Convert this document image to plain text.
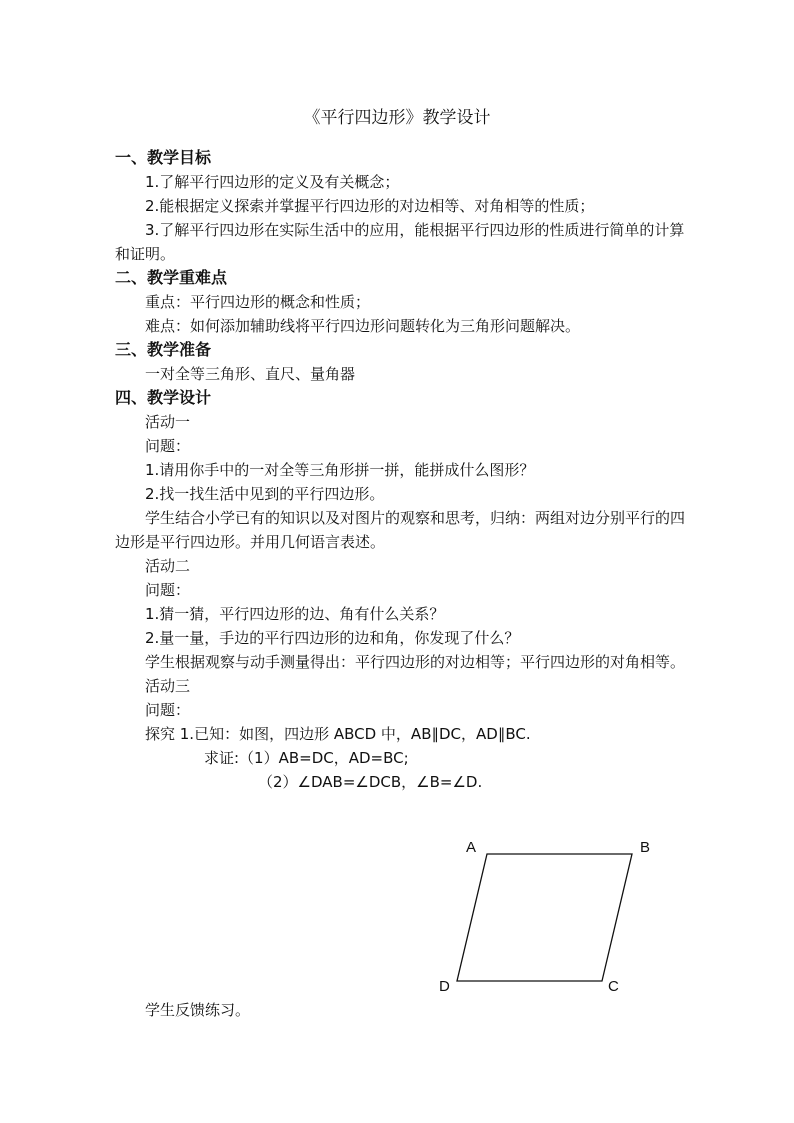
《平行四边形》教学设计

一、教学目标

1.了解平行四边形的定义及有关概念；

2.能根据定义探索并掌握平行四边形的对边相等、对角相等的性质；

3.了解平行四边形在实际生活中的应用，能根据平行四边形的性质进行简单的计算和证明。

二、教学重难点

重点：平行四边形的概念和性质；

难点：如何添加辅助线将平行四边形问题转化为三角形问题解决。

三、教学准备

一对全等三角形、直尺、量角器

四、教学设计

活动一

问题：

1.请用你手中的一对全等三角形拼一拼，能拼成什么图形？

2.找一找生活中见到的平行四边形。

学生结合小学已有的知识以及对图片的观察和思考，归纳：两组对边分别平行的四边形是平行四边形。并用几何语言表述。

活动二

问题：

1.猜一猜，平行四边形的边、角有什么关系？

2.量一量，手边的平行四边形的边和角，你发现了什么？

学生根据观察与动手测量得出：平行四边形的对边相等；平行四边形的对角相等。

活动三

问题：

探究 1.已知：如图，四边形 ABCD 中，AB∥DC，AD∥BC.

求证:（1）AB=DC，AD=BC;

（2）∠DAB=∠DCB，∠B=∠D.

A	B
C
D

学生反馈练习。
